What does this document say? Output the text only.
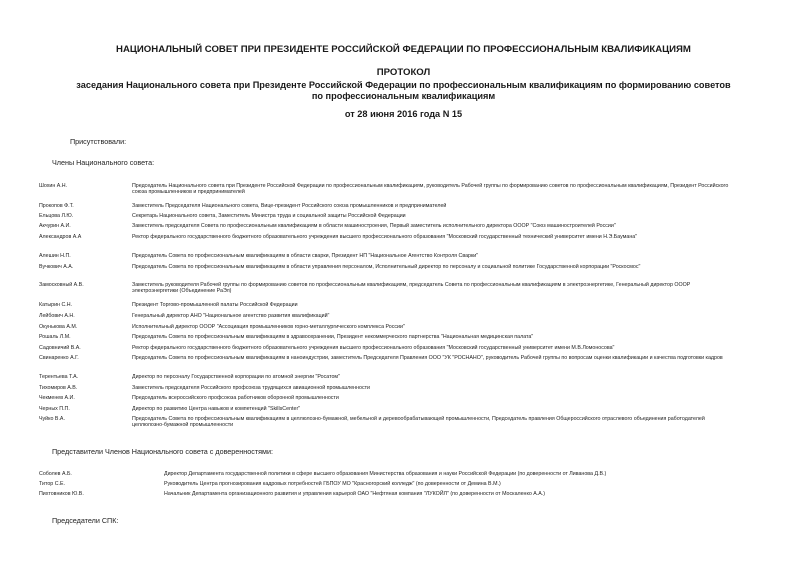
НАЦИОНАЛЬНЫЙ СОВЕТ ПРИ ПРЕЗИДЕНТЕ РОССИЙСКОЙ ФЕДЕРАЦИИ ПО ПРОФЕССИОНАЛЬНЫМ КВАЛИФИКАЦИЯМ
ПРОТОКОЛ
заседания Национального совета при Президенте Российской Федерации по профессиональным квалификациям по формированию советов по профессиональным квалификациям
от 28 июня 2016 года N 15
Присутствовали:
Члены Национального совета:
Шохин А.Н.	Председатель Национального совета при Президенте Российской Федерации по профессиональным квалификациям, руководитель Рабочей группы по формированию советов по профессиональным квалификациям, Президент Российского союза промышленников и предпринимателей
Прокопов Ф.Т.	Заместитель Председателя Национального совета, Вице-президент Российского союза промышленников и предпринимателей
Ельцова Л.Ю.	Секретарь Национального совета, Заместитель Министра труда и социальной защиты Российской Федерации
Акчурин А.И.	Заместитель председателя Совета по профессиональным квалификациям в области машиностроения, Первый заместитель исполнительного директора ОООР "Союз машиностроителей России"
Александров А.А	Ректор федерального государственного бюджетного образовательного учреждения высшего профессионального образования "Московский государственный технический университет имени Н.Э.Баумана"
Алешин Н.П.	Председатель Совета по профессиональным квалификациям в области сварки, Президент НП "Национальное Агентство Контроля Сварки"
Вучкович А.А.	Председатель Совета по профессиональным квалификациям в области управления персоналом, Исполнительный директор по персоналу и социальной политике Государственной корпорации "Роскосмос"
Замосковный А.В.	Заместитель руководителя Рабочей группы по формированию советов по профессиональным квалификациям, председатель Совета по профессиональным квалификациям в электроэнергетике, Генеральный директор ОООР электроэнергетики (Объединение РаЭл)
Катырин С.Н.	Президент Торгово-промышленной палаты Российской Федерации
Лейбович А.Н.	Генеральный директор АНО "Национальное агентство развития квалификаций"
Окунькова А.М.	Исполнительный директор ОООР "Ассоциация промышленников горно-металлургического комплекса России"
Рошаль Л.М.	Председатель Совета по профессиональным квалификациям в здравоохранении, Президент некоммерческого партнерства "Национальная медицинская палата"
Садовничий В.А.	Ректор федерального государственного бюджетного образовательного учреждения высшего профессионального образования "Московский государственный университет имени М.В.Ломоносова"
Свинаренко А.Г.	Председатель Совета по профессиональным квалификациям в наноиндустрии, заместитель Председателя Правления ООО "УК "РОСНАНО", руководитель Рабочей группы по вопросам оценки квалификации и качества подготовки кадров
Терентьева Т.А.	Директор по персоналу Государственной корпорации по атомной энергии "Росатом"
Тихомиров А.В.	Заместитель председателя Российского профсоюза трудящихся авиационной промышленности
Чекменев А.И.	Председатель всероссийского профсоюза работников оборонной промышленности
Черных П.П.	Директор по развитию Центра навыков и компетенций "SkillsCenter"
Чуйко В.А.	Председатель Совета по профессиональным квалификациям в целлюлозно-бумажной, мебельной и деревообрабатывающей промышленности, Председатель правления Общероссийского отраслевого объединения работодателей целлюлозно-бумажной промышленности
Представители Членов Национального совета с доверенностями:
Соболев А.Б.	Директор Департамента государственной политики в сфере высшего образования Министерства образования и науки Российской Федерации (по доверенности от Ливанова Д.В.)
Титор С.Е.	Руководитель Центра прогнозирования кадровых потребностей ГБПОУ МО "Красногорский колледж" (по доверенности от Демина В.М.)
Пихтовников Ю.В.	Начальник Департамента организационного развития и управления карьерой ОАО "Нефтяная компания "ЛУКОЙЛ" (по доверенности от Москаленко А.А.)
Председатели СПК:
